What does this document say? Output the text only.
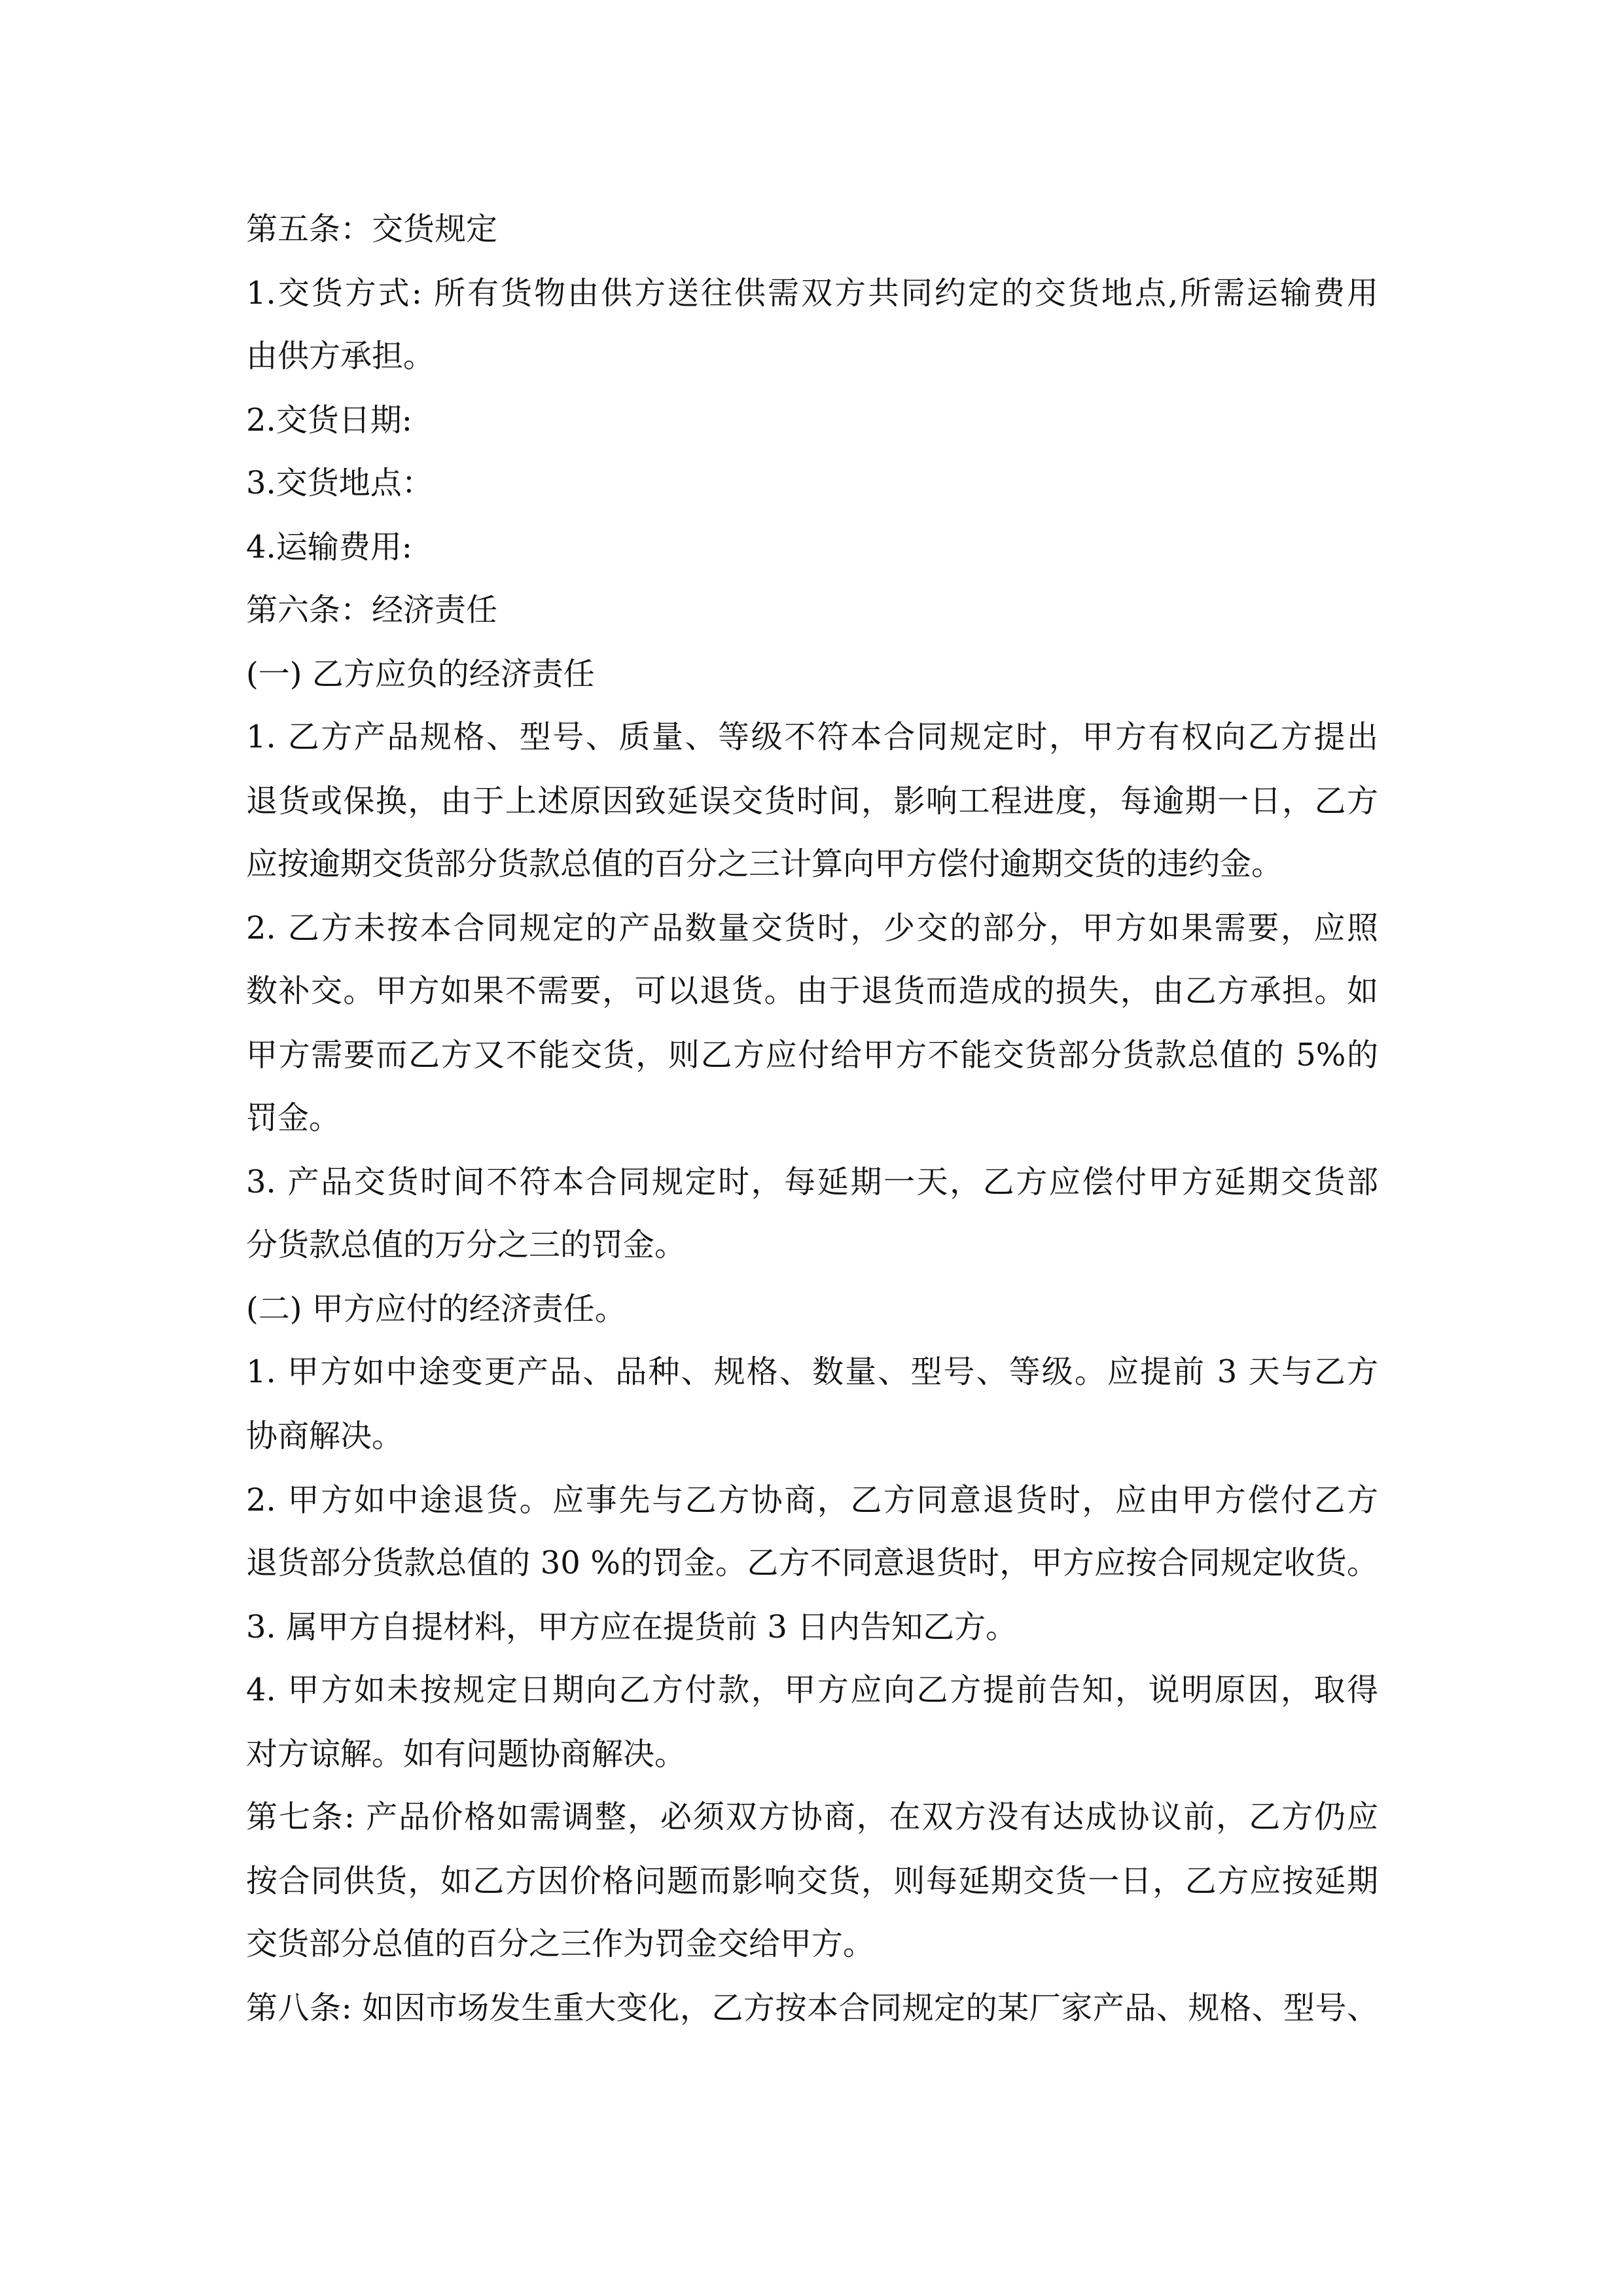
第五条：交货规定
1.交货方式: 所有货物由供方送往供需双方共同约定的交货地点,所需运输费用
由供方承担。
2.交货日期:
3.交货地点：
4.运输费用:
第六条：经济责任
(一) 乙方应负的经济责任
1. 乙方产品规格、型号、质量、等级不符本合同规定时，甲方有权向乙方提出
退货或保换，由于上述原因致延误交货时间，影响工程进度，每逾期一日，乙方
应按逾期交货部分货款总值的百分之三计算向甲方偿付逾期交货的违约金。
2. 乙方未按本合同规定的产品数量交货时，少交的部分，甲方如果需要，应照
数补交。甲方如果不需要，可以退货。由于退货而造成的损失，由乙方承担。如
甲方需要而乙方又不能交货，则乙方应付给甲方不能交货部分货款总值的 5%的
罚金。
3. 产品交货时间不符本合同规定时，每延期一天，乙方应偿付甲方延期交货部
分货款总值的万分之三的罚金。
(二) 甲方应付的经济责任。
1. 甲方如中途变更产品、品种、规格、数量、型号、等级。应提前 3 天与乙方
协商解决。
2. 甲方如中途退货。应事先与乙方协商，乙方同意退货时，应由甲方偿付乙方
退货部分货款总值的 30 %的罚金。乙方不同意退货时，甲方应按合同规定收货。
3. 属甲方自提材料，甲方应在提货前 3 日内告知乙方。
4. 甲方如未按规定日期向乙方付款，甲方应向乙方提前告知，说明原因，取得
对方谅解。如有问题协商解决。
第七条: 产品价格如需调整，必须双方协商，在双方没有达成协议前，乙方仍应
按合同供货，如乙方因价格问题而影响交货，则每延期交货一日，乙方应按延期
交货部分总值的百分之三作为罚金交给甲方。
第八条: 如因市场发生重大变化，乙方按本合同规定的某厂家产品、规格、型号、
